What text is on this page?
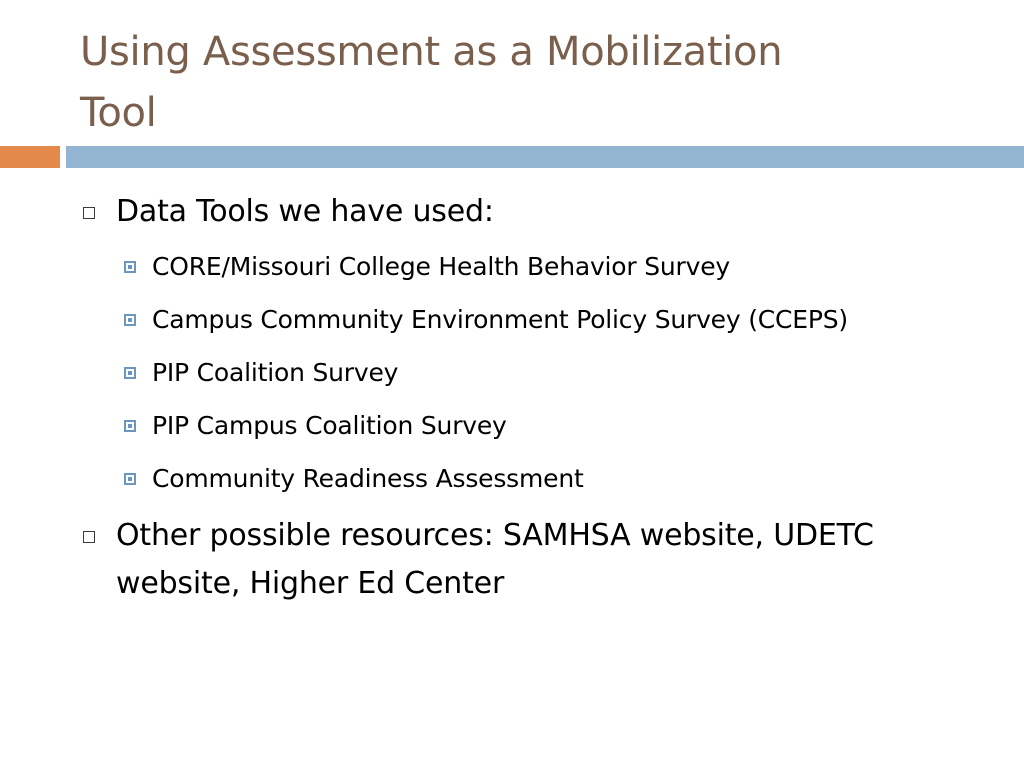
Using Assessment as a Mobilization
Tool
Data Tools we have used:
CORE/Missouri College Health Behavior Survey
Campus Community Environment Policy Survey (CCEPS)
PIP Coalition Survey
PIP Campus Coalition Survey
Community Readiness Assessment
Other possible resources: SAMHSA website, UDETC
website, Higher Ed Center
